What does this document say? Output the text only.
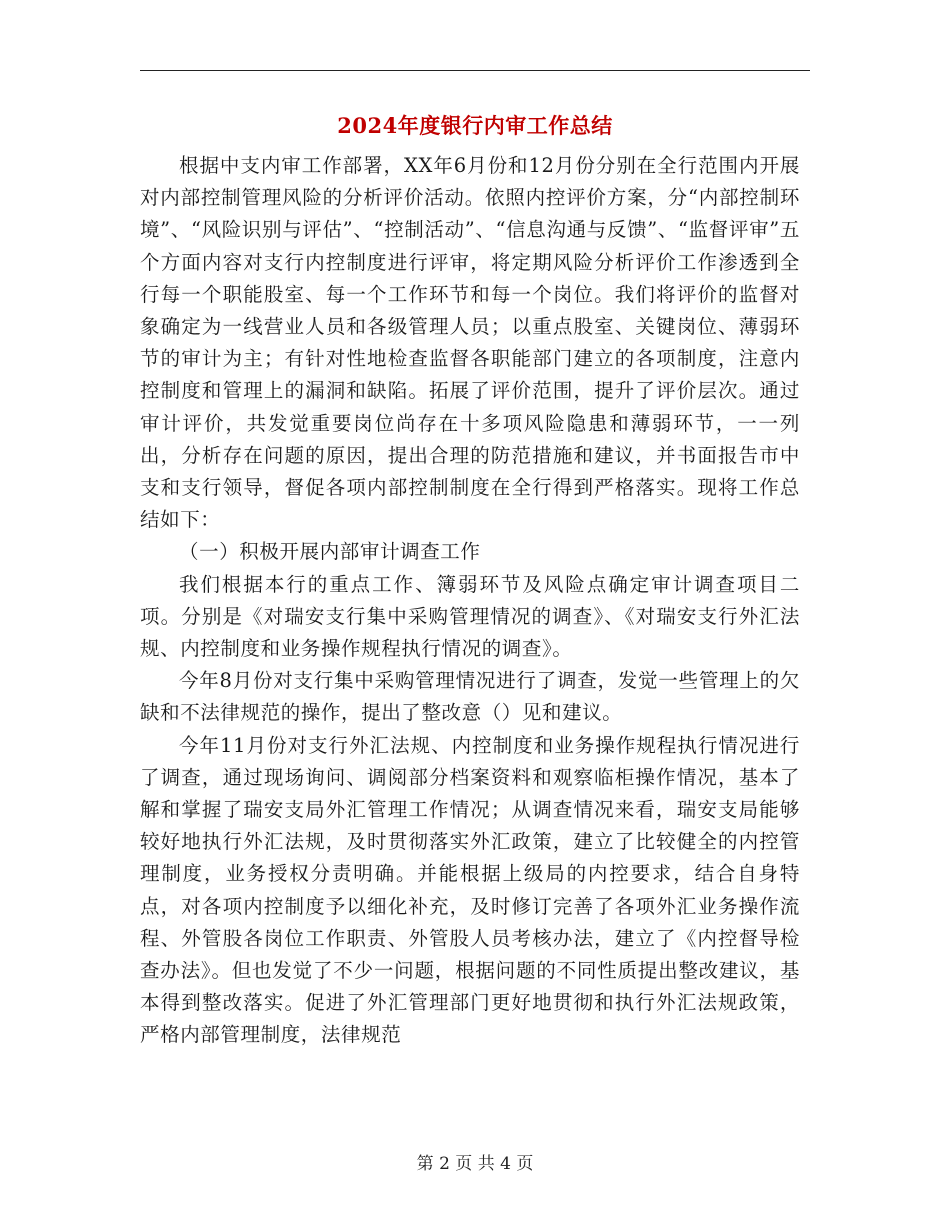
2024年度银行内审工作总结

根据中支内审工作部署，XX年6月份和12月份分别在全行范围内开展对内部控制管理风险的分析评价活动。依照内控评价方案，分“内部控制环境”、“风险识别与评估”、“控制活动”、“信息沟通与反馈”、“监督评审”五个方面内容对支行内控制度进行评审，将定期风险分析评价工作渗透到全行每一个职能股室、每一个工作环节和每一个岗位。我们将评价的监督对象确定为一线营业人员和各级管理人员；以重点股室、关键岗位、薄弱环节的审计为主；有针对性地检查监督各职能部门建立的各项制度，注意内控制度和管理上的漏洞和缺陷。拓展了评价范围，提升了评价层次。通过审计评价，共发觉重要岗位尚存在十多项风险隐患和薄弱环节，一一列出，分析存在问题的原因，提出合理的防范措施和建议，并书面报告市中支和支行领导，督促各项内部控制制度在全行得到严格落实。现将工作总结如下：

（一）积极开展内部审计调查工作

我们根据本行的重点工作、簿弱环节及风险点确定审计调查项目二项。分别是《对瑞安支行集中采购管理情况的调查》、《对瑞安支行外汇法规、内控制度和业务操作规程执行情况的调查》。

今年8月份对支行集中采购管理情况进行了调查，发觉一些管理上的欠缺和不法律规范的操作，提出了整改意（）见和建议。

今年11月份对支行外汇法规、内控制度和业务操作规程执行情况进行了调查，通过现场询问、调阅部分档案资料和观察临柜操作情况，基本了解和掌握了瑞安支局外汇管理工作情况；从调查情况来看，瑞安支局能够较好地执行外汇法规，及时贯彻落实外汇政策，建立了比较健全的内控管理制度，业务授权分责明确。并能根据上级局的内控要求，结合自身特点，对各项内控制度予以细化补充，及时修订完善了各项外汇业务操作流程、外管股各岗位工作职责、外管股人员考核办法，建立了《内控督导检查办法》。但也发觉了不少一问题，根据问题的不同性质提出整改建议，基本得到整改落实。促进了外汇管理部门更好地贯彻和执行外汇法规政策，严格内部管理制度，法律规范

第 2 页 共 4 页
